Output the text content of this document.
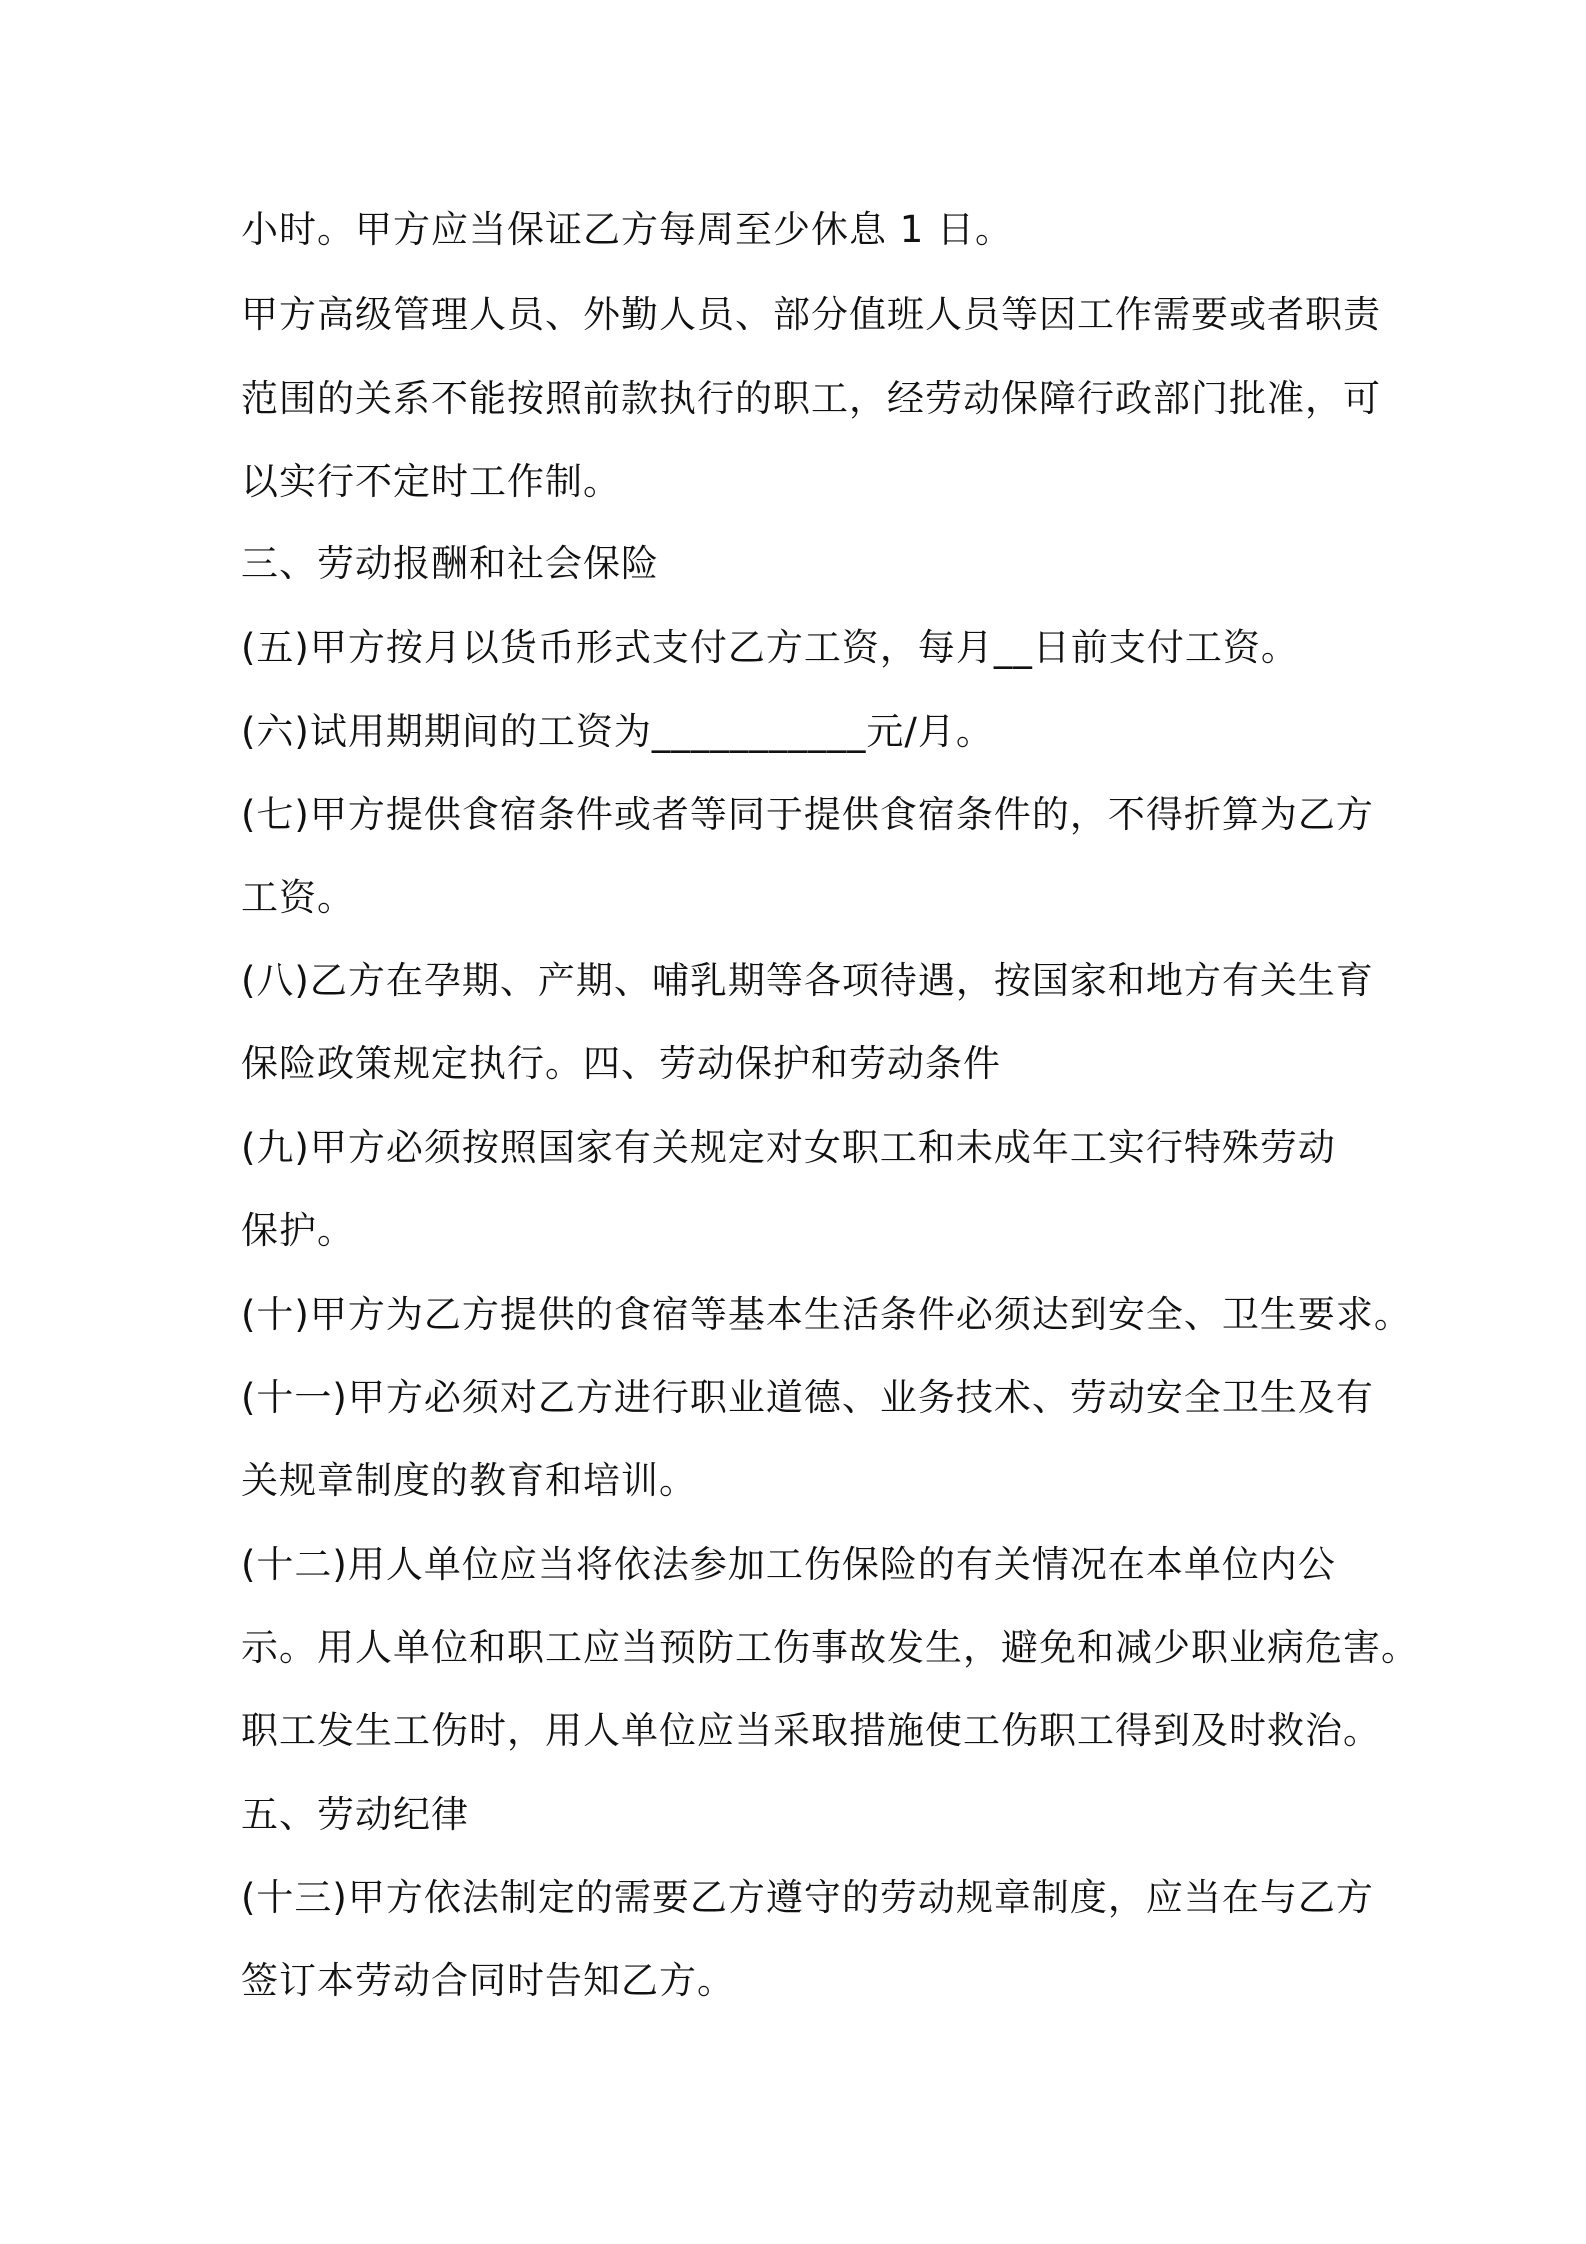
小时。甲方应当保证乙方每周至少休息 1 日。
甲方高级管理人员、外勤人员、部分值班人员等因工作需要或者职责
范围的关系不能按照前款执行的职工，经劳动保障行政部门批准，可
以实行不定时工作制。
三、劳动报酬和社会保险
(五)甲方按月以货币形式支付乙方工资，每月__日前支付工资。
(六)试用期期间的工资为___________元/月。
(七)甲方提供食宿条件或者等同于提供食宿条件的，不得折算为乙方
工资。
(八)乙方在孕期、产期、哺乳期等各项待遇，按国家和地方有关生育
保险政策规定执行。四、劳动保护和劳动条件
(九)甲方必须按照国家有关规定对女职工和未成年工实行特殊劳动
保护。
(十)甲方为乙方提供的食宿等基本生活条件必须达到安全、卫生要求。
(十一)甲方必须对乙方进行职业道德、业务技术、劳动安全卫生及有
关规章制度的教育和培训。
(十二)用人单位应当将依法参加工伤保险的有关情况在本单位内公
示。用人单位和职工应当预防工伤事故发生，避免和减少职业病危害。
职工发生工伤时，用人单位应当采取措施使工伤职工得到及时救治。
五、劳动纪律
(十三)甲方依法制定的需要乙方遵守的劳动规章制度，应当在与乙方
签订本劳动合同时告知乙方。
